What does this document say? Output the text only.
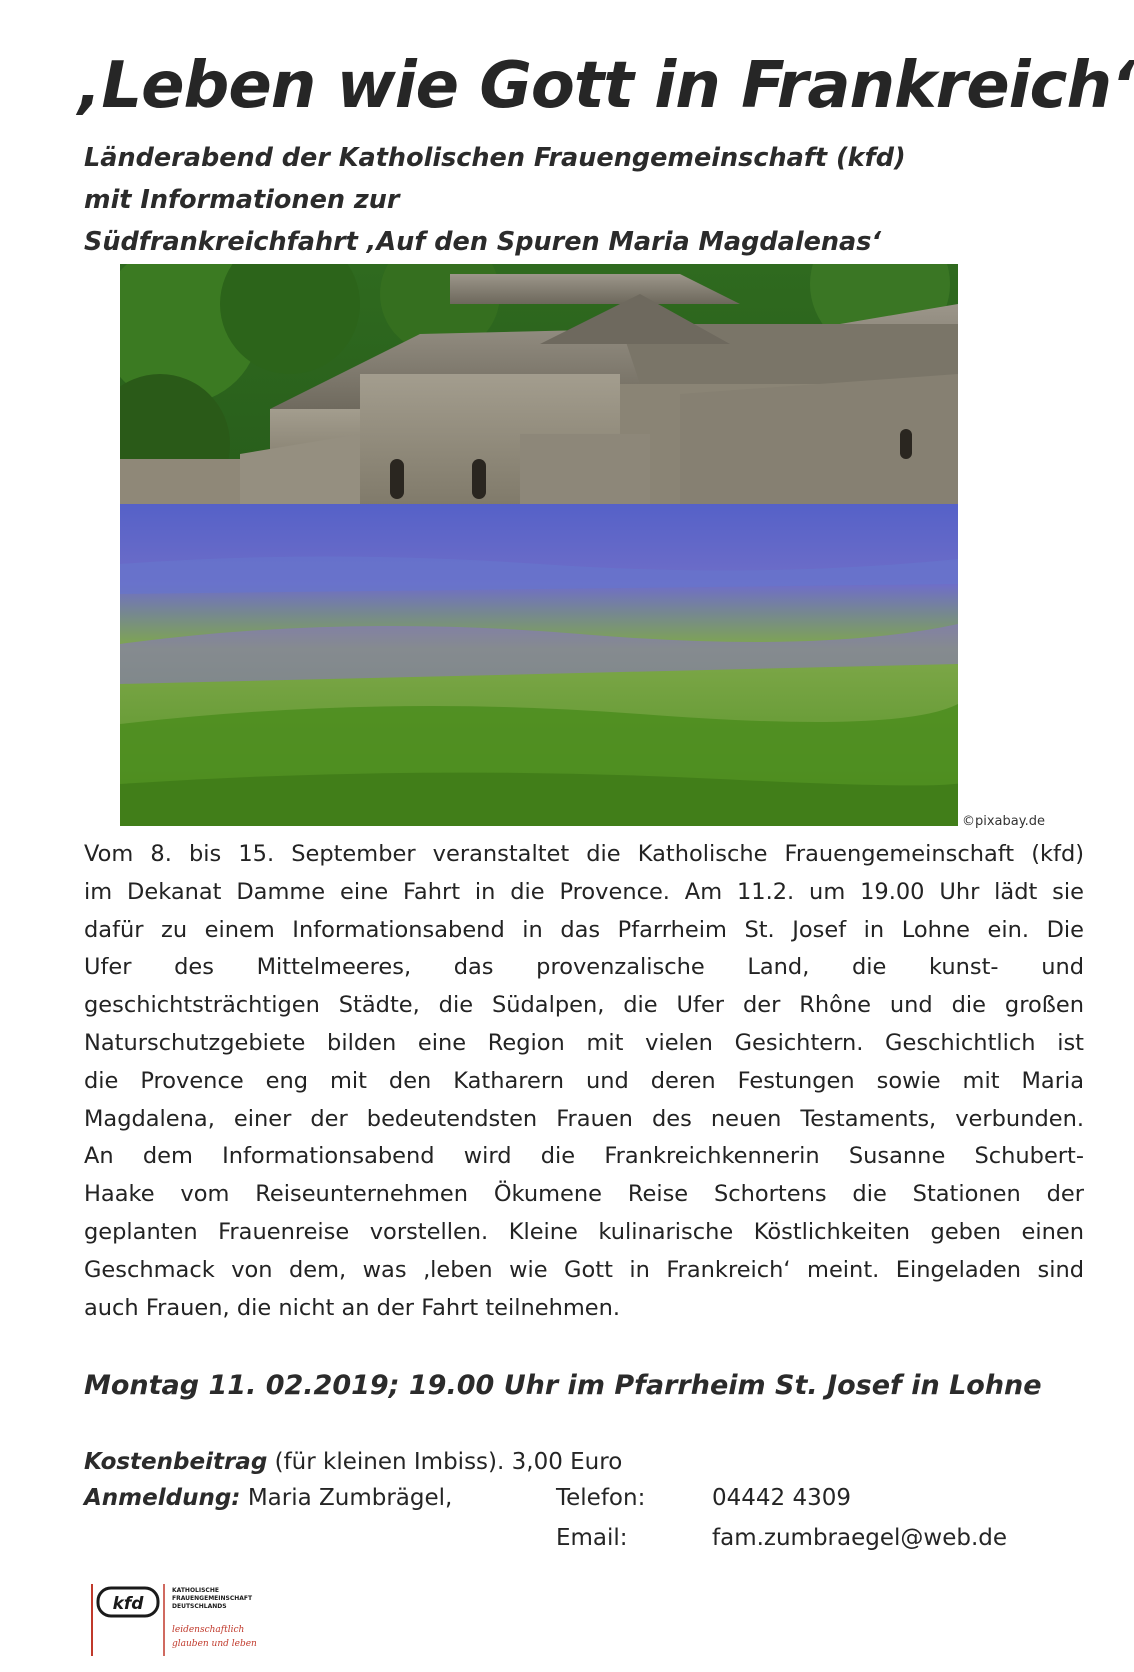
‚Leben wie Gott in Frankreich‘
Länderabend der Katholischen Frauengemeinschaft (kfd)
mit Informationen zur
Südfrankreichfahrt ‚Auf den Spuren Maria Magdalenas‘
©pixabay.de
Vom 8. bis 15. September veranstaltet die Katholische Frauengemeinschaft (kfd)
im Dekanat Damme eine Fahrt in die Provence. Am 11.2. um 19.00 Uhr lädt sie
dafür zu einem Informationsabend in das Pfarrheim St. Josef in Lohne ein. Die
Ufer des Mittelmeeres, das provenzalische Land, die kunst- und
geschichtsträchtigen Städte, die Südalpen, die Ufer der Rhône und die großen
Naturschutzgebiete bilden eine Region mit vielen Gesichtern. Geschichtlich ist
die Provence eng mit den Katharern und deren Festungen sowie mit Maria
Magdalena, einer der bedeutendsten Frauen des neuen Testaments, verbunden.
An dem Informationsabend wird die Frankreichkennerin Susanne Schubert-
Haake vom Reiseunternehmen Ökumene Reise Schortens die Stationen der
geplanten Frauenreise vorstellen. Kleine kulinarische Köstlichkeiten geben einen
Geschmack von dem, was ‚leben wie Gott in Frankreich‘ meint. Eingeladen sind
auch Frauen, die nicht an der Fahrt teilnehmen.
Montag 11. 02.2019; 19.00 Uhr im Pfarrheim St. Josef in Lohne
Kostenbeitrag (für kleinen Imbiss). 3,00 Euro
Anmeldung: Maria Zumbrägel,	Telefon:	04442 4309
Email:	fam.zumbraegel@web.de
kfd
KATHOLISCHE
FRAUENGEMEINSCHAFT
DEUTSCHLANDS
leidenschaftlich
glauben und leben
